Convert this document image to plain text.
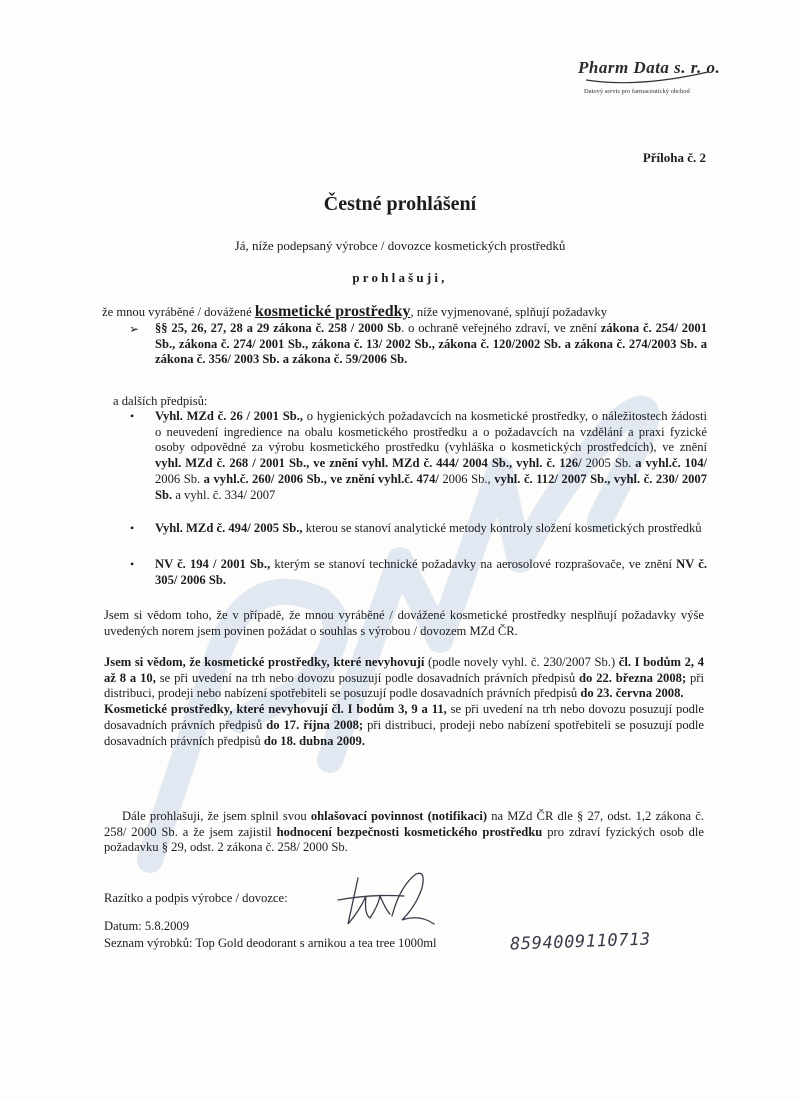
Pharm Data s. r. o.
Datový servis pro farmaceutický obchod
Příloha č. 2
Čestné prohlášení
Já, níže podepsaný výrobce / dovozce kosmetických prostředků
prohlašuji,
že mnou vyráběné / dovážené kosmetické prostředky, níže vyjmenované, splňují požadavky
➢ §§ 25, 26, 27, 28 a 29 zákona č. 258 / 2000 Sb. o ochraně veřejného zdraví, ve znění zákona č. 254/ 2001 Sb., zákona č. 274/ 2001 Sb., zákona č. 13/ 2002 Sb., zákona č. 120/2002 Sb. a zákona č. 274/2003 Sb. a zákona č. 356/ 2003 Sb. a zákona č. 59/2006 Sb.
a dalších předpisů:
• Vyhl. MZd č. 26 / 2001 Sb., o hygienických požadavcích na kosmetické prostředky, o náležitostech žádosti o neuvedení ingredience na obalu kosmetického prostředku a o požadavcích na vzdělání a praxi fyzické osoby odpovědné za výrobu kosmetického prostředku (vyhláška o kosmetických prostředcích), ve znění vyhl. MZd č. 268 / 2001 Sb., ve znění vyhl. MZd č. 444/ 2004 Sb., vyhl. č. 126/ 2005 Sb. a vyhl.č. 104/ 2006 Sb. a vyhl.č. 260/ 2006 Sb., ve znění vyhl.č. 474/ 2006 Sb., vyhl. č. 112/ 2007 Sb., vyhl. č. 230/ 2007 Sb. a vyhl. č. 334/ 2007
• Vyhl. MZd č. 494/ 2005 Sb., kterou se stanoví analytické metody kontroly složení kosmetických prostředků
• NV č. 194 / 2001 Sb., kterým se stanoví technické požadavky na aerosolové rozprašovače, ve znění NV č. 305/ 2006 Sb.
Jsem si vědom toho, že v případě, že mnou vyráběné / dovážené kosmetické prostředky nesplňují požadavky výše uvedených norem jsem povinen požádat o souhlas s výrobou / dovozem MZd ČR.
Jsem si vědom, že kosmetické prostředky, které nevyhovují (podle novely vyhl. č. 230/2007 Sb.) čl. I bodům 2, 4 až 8 a 10, se při uvedení na trh nebo dovozu posuzují podle dosavadních právních předpisů do 22. března 2008; při distribuci, prodeji nebo nabízení spotřebiteli se posuzují podle dosavadních právních předpisů do 23. června 2008.
Kosmetické prostředky, které nevyhovují čl. I bodům 3, 9 a 11, se při uvedení na trh nebo dovozu posuzují podle dosavadních právních předpisů do 17. října 2008; při distribuci, prodeji nebo nabízení spotřebiteli se posuzují podle dosavadních právních předpisů do 18. dubna 2009.
Dále prohlašuji, že jsem splnil svou ohlašovací povinnost (notifikaci) na MZd ČR dle § 27, odst. 1,2 zákona č. 258/ 2000 Sb. a že jsem zajistil hodnocení bezpečnosti kosmetického prostředku pro zdraví fyzických osob dle požadavku § 29, odst. 2 zákona č. 258/ 2000 Sb.
Razítko a podpis výrobce / dovozce:
Datum: 5.8.2009
Seznam výrobků: Top Gold deodorant s arnikou a tea tree 1000ml	8594009110713
